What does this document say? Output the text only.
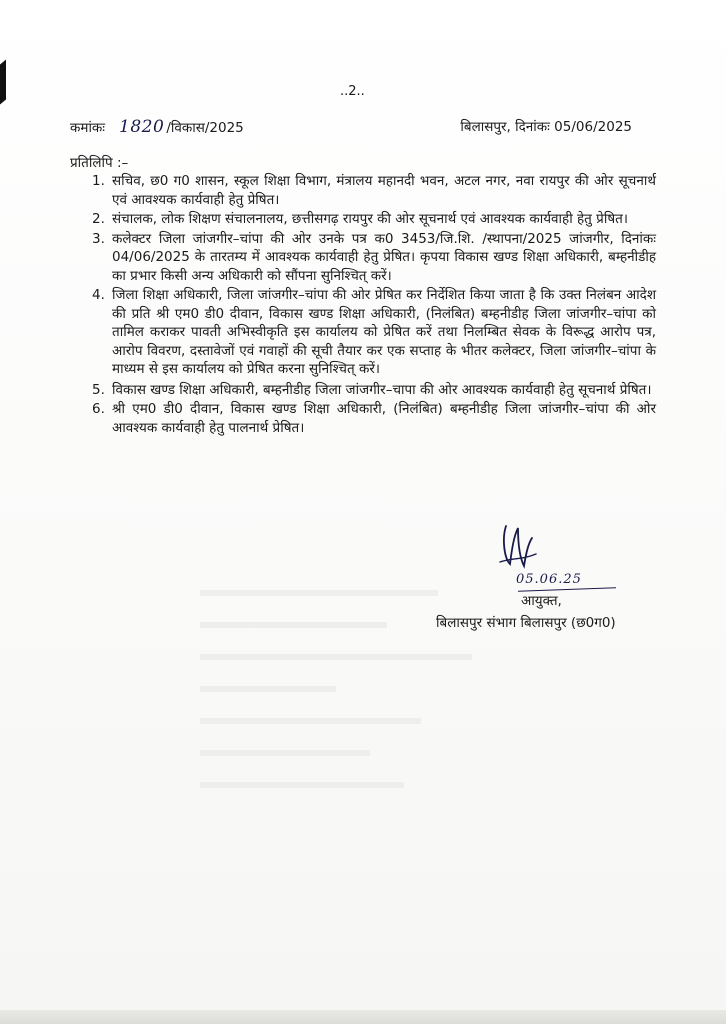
..2..
कमांकः 1820 /विकास/2025	बिलासपुर, दिनांकः 05/06/2025
प्रतिलिपि :–
1. सचिव, छ0 ग0 शासन, स्कूल शिक्षा विभाग, मंत्रालय महानदी भवन, अटल नगर, नवा रायपुर की ओर सूचनार्थ एवं आवश्यक कार्यवाही हेतु प्रेषित।
2. संचालक, लोक शिक्षण संचालनालय, छत्तीसगढ़ रायपुर की ओर सूचनार्थ एवं आवश्यक कार्यवाही हेतु प्रेषित।
3. कलेक्टर जिला जांजगीर–चांपा की ओर उनके पत्र क0 3453/जि.शि. /स्थापना/2025 जांजगीर, दिनांकः 04/06/2025 के तारतम्य में आवश्यक कार्यवाही हेतु प्रेषित। कृपया विकास खण्ड शिक्षा अधिकारी, बम्हनीडीह का प्रभार किसी अन्य अधिकारी को सौंपना सुनिश्चित् करें।
4. जिला शिक्षा अधिकारी, जिला जांजगीर–चांपा की ओर प्रेषित कर निर्देशित किया जाता है कि उक्त निलंबन आदेश की प्रति श्री एम0 डी0 दीवान, विकास खण्ड शिक्षा अधिकारी, (निलंबित) बम्हनीडीह जिला जांजगीर–चांपा को तामिल कराकर पावती अभिस्वीकृति इस कार्यालय को प्रेषित करें तथा निलम्बित सेवक के विरूद्ध आरोप पत्र, आरोप विवरण, दस्तावेजों एवं गवाहों की सूची तैयार कर एक सप्ताह के भीतर कलेक्टर, जिला जांजगीर–चांपा के माध्यम से इस कार्यालय को प्रेषित करना सुनिश्चित् करें।
5. विकास खण्ड शिक्षा अधिकारी, बम्हनीडीह जिला जांजगीर–चापा की ओर आवश्यक कार्यवाही हेतु सूचनार्थ प्रेषित।
6. श्री एम0 डी0 दीवान, विकास खण्ड शिक्षा अधिकारी, (निलंबित) बम्हनीडीह जिला जांजगीर–चांपा की ओर आवश्यक कार्यवाही हेतु पालनार्थ प्रेषित।
05.06.25
आयुक्त,
बिलासपुर संभाग बिलासपुर (छ0ग0)
